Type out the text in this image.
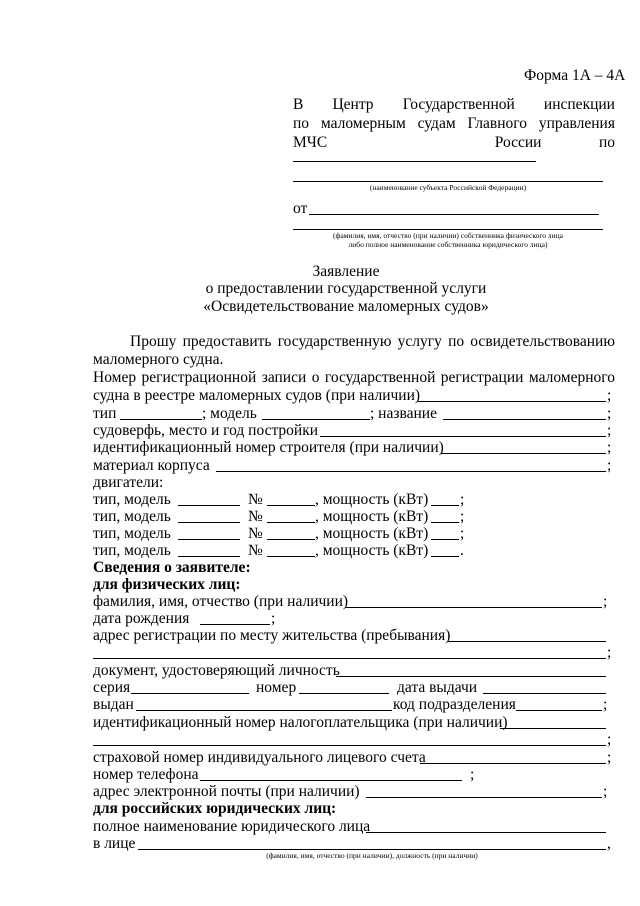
Форма 1А – 4А
В Центр Государственной инспекции
по маломерным судам Главного управления
МЧС	России	по
(наименование субъекта Российской Федерации)
от
(фамилия, имя, отчество (при наличии) собственника физического лица
либо полное наименование собственника юридического лица)
Заявление
о предоставлении государственной услуги
«Освидетельствование маломерных судов»
Прошу предоставить государственную услугу по освидетельствованию
маломерного судна.
Номер регистрационной записи о государственной регистрации маломерного
судна в реестре маломерных судов (при наличии)	;
тип	; модель	; название	;
судоверфь, место и год постройки	;
идентификационный номер строителя (при наличии)	;
материал корпуса	;
двигатели:
тип, модель	№	, мощность (кВт) ;
тип, модель	№	, мощность (кВт) ;
тип, модель	№	, мощность (кВт) ;
тип, модель	№	, мощность (кВт) .
Сведения о заявителе:
для физических лиц:
фамилия, имя, отчество (при наличии)	;
дата рождения	;
адрес регистрации по месту жительства (пребывания)
;
документ, удостоверяющий личность
серия	номер	дата выдачи
выдан	код подразделения	;
идентификационный номер налогоплательщика (при наличии)
;
страховой номер индивидуального лицевого счета	;
номер телефона	;
адрес электронной почты (при наличии)	;
для российских юридических лиц:
полное наименование юридического лица
в лице	,
(фамилия, имя, отчество (при наличии), должность (при наличии)
